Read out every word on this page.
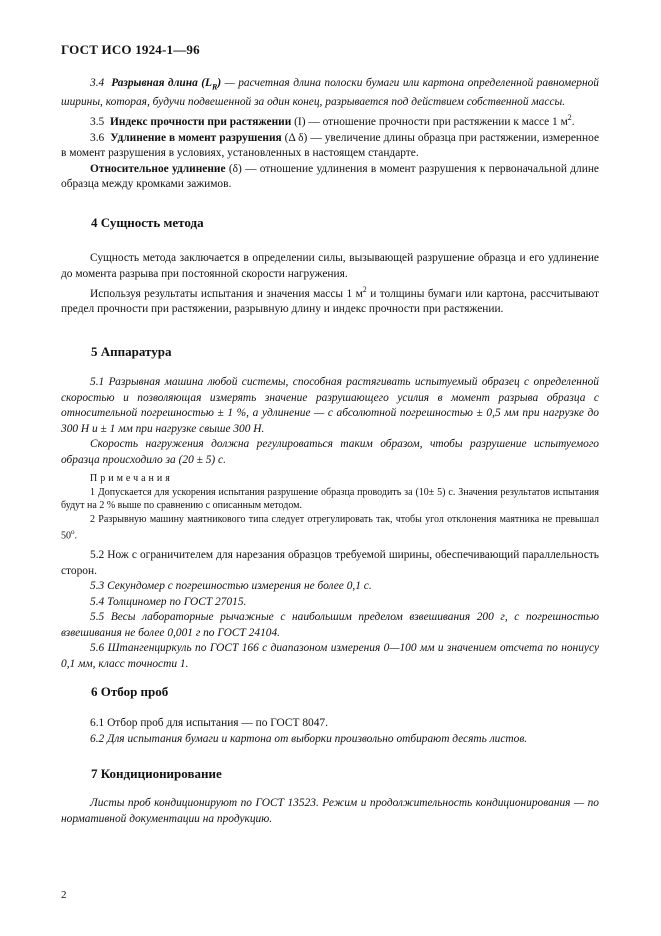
ГОСТ ИСО 1924-1—96

3.4 Разрывная длина $(L_R)$ — расчетная длина полоски бумаги или картона определенной равномерной ширины, которая, будучи подвешенной за один конец, разрывается под действием собственной массы.

3.5 Индекс прочности при растяжении (I) — отношение прочности при растяжении к массе 1 $м^2$.

3.6 Удлинение в момент разрушения (Δ δ) — увеличение длины образца при растяжении, измеренное в момент разрушения в условиях, установленных в настоящем стандарте.

Относительное удлинение (δ) — отношение удлинения в момент разрушения к первоначальной длине образца между кромками зажимов.

4 Сущность метода

Сущность метода заключается в определении силы, вызывающей разрушение образца и его удлинение до момента разрыва при постоянной скорости нагружения.

Используя результаты испытания и значения массы 1 $м^2$ и толщины бумаги или картона, рассчитывают предел прочности при растяжении, разрывную длину и индекс прочности при растяжении.

5 Аппаратура

5.1 Разрывная машина любой системы, способная растягивать испытуемый образец с определенной скоростью и позволяющая измерять значение разрушающего усилия в момент разрыва образца с относительной погрешностью ± 1 %, а удлинение — с абсолютной погрешностью ± 0,5 мм при нагрузке до 300 Н и ± 1 мм при нагрузке свыше 300 Н.

Скорость нагружения должна регулироваться таким образом, чтобы разрушение испытуемого образца происходило за (20 ± 5) с.

Примечания

1 Допускается для ускорения испытания разрушение образца проводить за (10± 5) с. Значения результатов испытания будут на 2 % выше по сравнению с описанным методом.

2 Разрывную машину маятникового типа следует отрегулировать так, чтобы угол отклонения маятника не превышал $50^о$.

5.2 Нож с ограничителем для нарезания образцов требуемой ширины, обеспечивающий параллельность сторон.

5.3 Секундомер с погрешностью измерения не более 0,1 с.

5.4 Толщиномер по ГОСТ 27015.

5.5 Весы лабораторные рычажные с наибольшим пределом взвешивания 200 г, с погрешностью взвешивания не более 0,001 г по ГОСТ 24104.

5.6 Штангенциркуль по ГОСТ 166 с диапазоном измерения 0—100 мм и значением отсчета по нониусу 0,1 мм, класс точности 1.

6 Отбор проб

6.1 Отбор проб для испытания — по ГОСТ 8047.

6.2 Для испытания бумаги и картона от выборки произвольно отбирают десять листов.

7 Кондиционирование

Листы проб кондиционируют по ГОСТ 13523. Режим и продолжительность кондиционирования — по нормативной документации на продукцию.

2
